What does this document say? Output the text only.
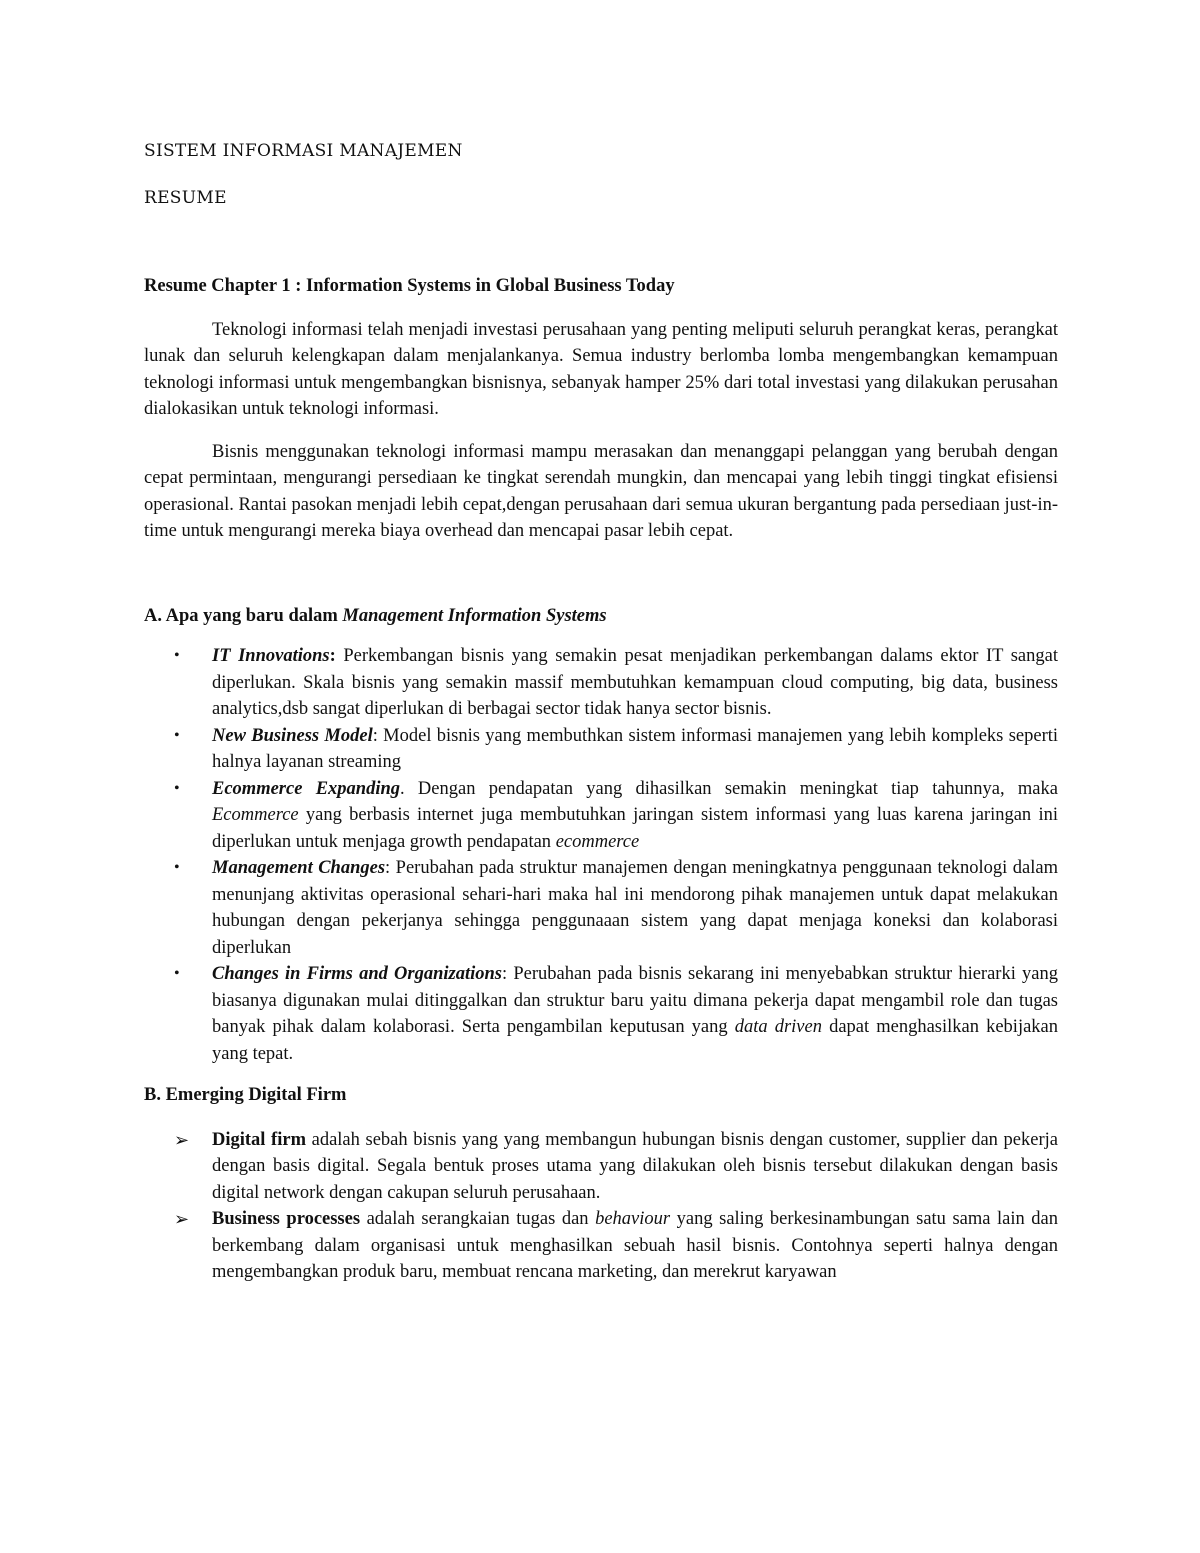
SISTEM INFORMASI MANAJEMEN

RESUME

Resume Chapter 1 : Information Systems in Global Business Today

Teknologi informasi telah menjadi investasi perusahaan yang penting meliputi seluruh perangkat keras, perangkat lunak dan seluruh kelengkapan dalam menjalankanya. Semua industry berlomba lomba mengembangkan kemampuan teknologi informasi untuk mengembangkan bisnisnya, sebanyak hamper 25% dari total investasi yang dilakukan perusahan dialokasikan untuk teknologi informasi.

Bisnis menggunakan teknologi informasi mampu merasakan dan menanggapi pelanggan yang berubah dengan cepat permintaan, mengurangi persediaan ke tingkat serendah mungkin, dan mencapai yang lebih tinggi tingkat efisiensi operasional. Rantai pasokan menjadi lebih cepat,dengan perusahaan dari semua ukuran bergantung pada persediaan just-in-time untuk mengurangi mereka biaya overhead dan mencapai pasar lebih cepat.

A. Apa yang baru dalam Management Information Systems

• IT Innovations: Perkembangan bisnis yang semakin pesat menjadikan perkembangan dalams ektor IT sangat diperlukan. Skala bisnis yang semakin massif membutuhkan kemampuan cloud computing, big data, business analytics,dsb sangat diperlukan di berbagai sector tidak hanya sector bisnis.
• New Business Model: Model bisnis yang membuthkan sistem informasi manajemen yang lebih kompleks seperti halnya layanan streaming
• Ecommerce Expanding. Dengan pendapatan yang dihasilkan semakin meningkat tiap tahunnya, maka Ecommerce yang berbasis internet juga membutuhkan jaringan sistem informasi yang luas karena jaringan ini diperlukan untuk menjaga growth pendapatan ecommerce
• Management Changes: Perubahan pada struktur manajemen dengan meningkatnya penggunaan teknologi dalam menunjang aktivitas operasional sehari-hari maka hal ini mendorong pihak manajemen untuk dapat melakukan hubungan dengan pekerjanya sehingga penggunaaan sistem yang dapat menjaga koneksi dan kolaborasi diperlukan
• Changes in Firms and Organizations: Perubahan pada bisnis sekarang ini menyebabkan struktur hierarki yang biasanya digunakan mulai ditinggalkan dan struktur baru yaitu dimana pekerja dapat mengambil role dan tugas banyak pihak dalam kolaborasi. Serta pengambilan keputusan yang data driven dapat menghasilkan kebijakan yang tepat.

B. Emerging Digital Firm

➢ Digital firm adalah sebah bisnis yang yang membangun hubungan bisnis dengan customer, supplier dan pekerja dengan basis digital. Segala bentuk proses utama yang dilakukan oleh bisnis tersebut dilakukan dengan basis digital network dengan cakupan seluruh perusahaan.
➢ Business processes adalah serangkaian tugas dan behaviour yang saling berkesinambungan satu sama lain dan berkembang dalam organisasi untuk menghasilkan sebuah hasil bisnis. Contohnya seperti halnya dengan mengembangkan produk baru, membuat rencana marketing, dan merekrut karyawan
